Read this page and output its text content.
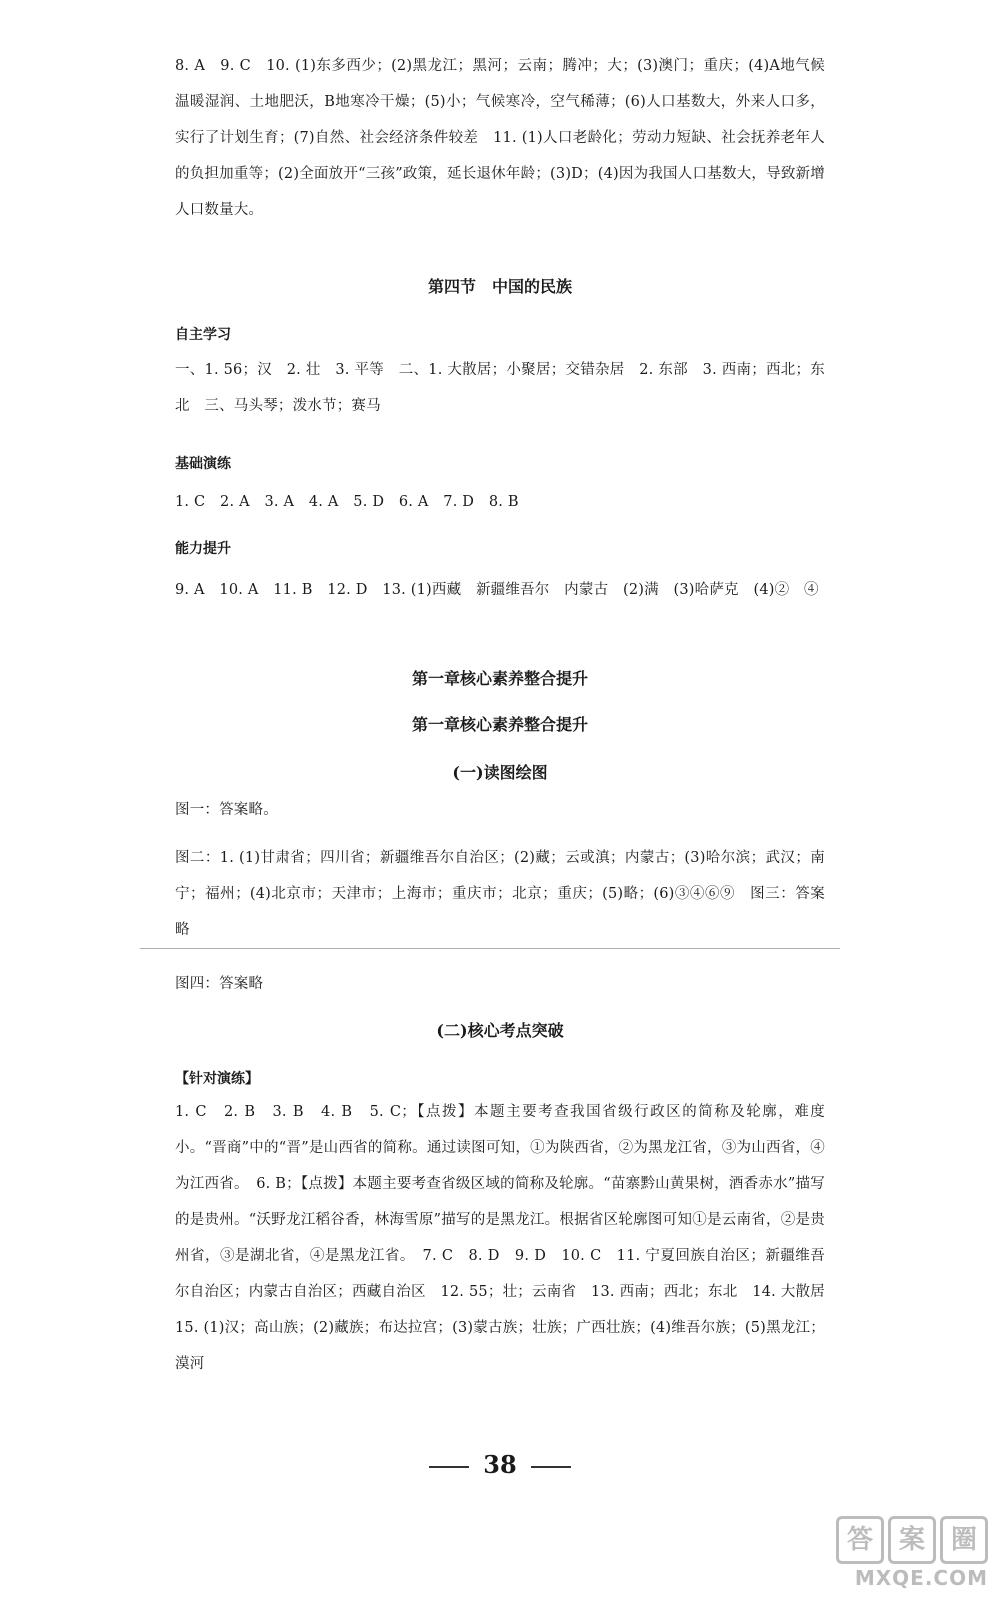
8. A　9. C　10. (1)东多西少；(2)黑龙江；黑河；云南；腾冲；大；(3)澳门；重庆；(4)A地气候温暖湿润、土地肥沃，B地寒冷干燥；(5)小；气候寒冷，空气稀薄；(6)人口基数大，外来人口多，实行了计划生育；(7)自然、社会经济条件较差　11. (1)人口老龄化；劳动力短缺、社会抚养老年人的负担加重等；(2)全面放开“三孩”政策，延长退休年龄；(3)D；(4)因为我国人口基数大，导致新增人口数量大。

第四节　中国的民族
自主学习

一、1. 56；汉　2. 壮　3. 平等　二、1. 大散居；小聚居；交错杂居　2. 东部　3. 西南；西北；东北　三、马头琴；泼水节；赛马

基础演练

1. C　2. A　3. A　4. A　5. D　6. A　7. D　8. B

能力提升

9. A　10. A　11. B　12. D　13. (1)西藏　新疆维吾尔　内蒙古　(2)满　(3)哈萨克　(4)②　④

第一章核心素养整合提升
第一章核心素养整合提升
(一)读图绘图

图一：答案略。

图二：1. (1)甘肃省；四川省；新疆维吾尔自治区；(2)藏；云或滇；内蒙古；(3)哈尔滨；武汉；南宁；福州；(4)北京市；天津市；上海市；重庆市；北京；重庆；(5)略；(6)③④⑥⑨　图三：答案略

图四：答案略

(二)核心考点突破
【针对演练】

1. C　2. B　3. B　4. B　5. C；【点拨】本题主要考查我国省级行政区的简称及轮廓，难度小。“晋商”中的“晋”是山西省的简称。通过读图可知，①为陕西省，②为黑龙江省，③为山西省，④为江西省。　6. B；【点拨】本题主要考查省级区域的简称及轮廓。“苗寨黔山黄果树，酒香赤水”描写的是贵州。“沃野龙江稻谷香，林海雪原”描写的是黑龙江。根据省区轮廓图可知①是云南省，②是贵州省，③是湖北省，④是黑龙江省。　7. C　8. D　9. D　10. C　11. 宁夏回族自治区；新疆维吾尔自治区；内蒙古自治区；西藏自治区　12. 55；壮；云南省　13. 西南；西北；东北　14. 大散居　15. (1)汉；高山族；(2)藏族；布达拉宫；(3)蒙古族；壮族；广西壮族；(4)维吾尔族；(5)黑龙江；漠河

38
答 案 圈
MXQE.COM
